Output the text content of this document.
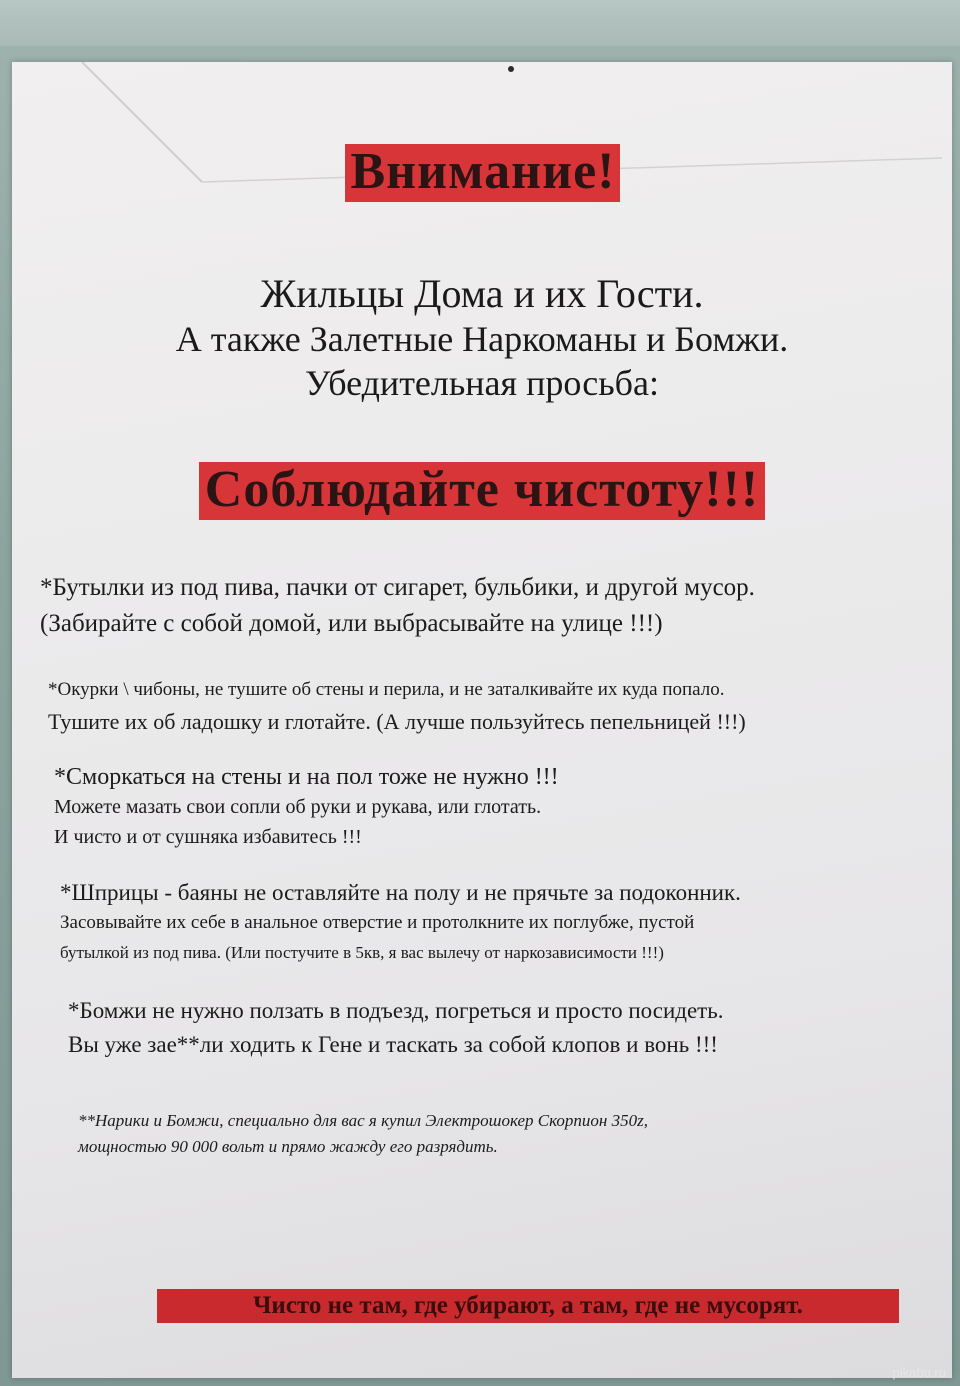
Внимание!
Жильцы Дома и их Гости.
А также Залетные Наркоманы и Бомжи.
Убедительная просьба:
Соблюдайте чистоту!!!
*Бутылки из под пива, пачки от сигарет, бульбики, и другой мусор.
(Забирайте с собой домой, или выбрасывайте на улице !!!)
*Окурки \ чибоны, не тушите об стены и перила, и не заталкивайте их куда попало.
Тушите их об ладошку и глотайте. (А лучше пользуйтесь пепельницей !!!)
*Сморкаться на стены и на пол тоже не нужно !!!
Можете мазать свои сопли об руки и рукава, или глотать.
И чисто и от сушняка избавитесь !!!
*Шприцы - баяны не оставляйте на полу и не прячьте за подоконник.
Засовывайте их себе в анальное отверстие и протолкните их поглубже, пустой
бутылкой из под пива. (Или постучите в 5кв, я вас вылечу от наркозависимости !!!)
*Бомжи не нужно ползать в подъезд, погреться и просто посидеть.
Вы уже зае**ли ходить к Гене и таскать за собой клопов и вонь !!!
**Нарики и Бомжи, специально для вас я купил Электрошокер Скорпион 350z,
мощностью 90 000 вольт и прямо жажду его разрядить.
Чисто не там, где убирают, а там, где не мусорят.
pikabu.ru
